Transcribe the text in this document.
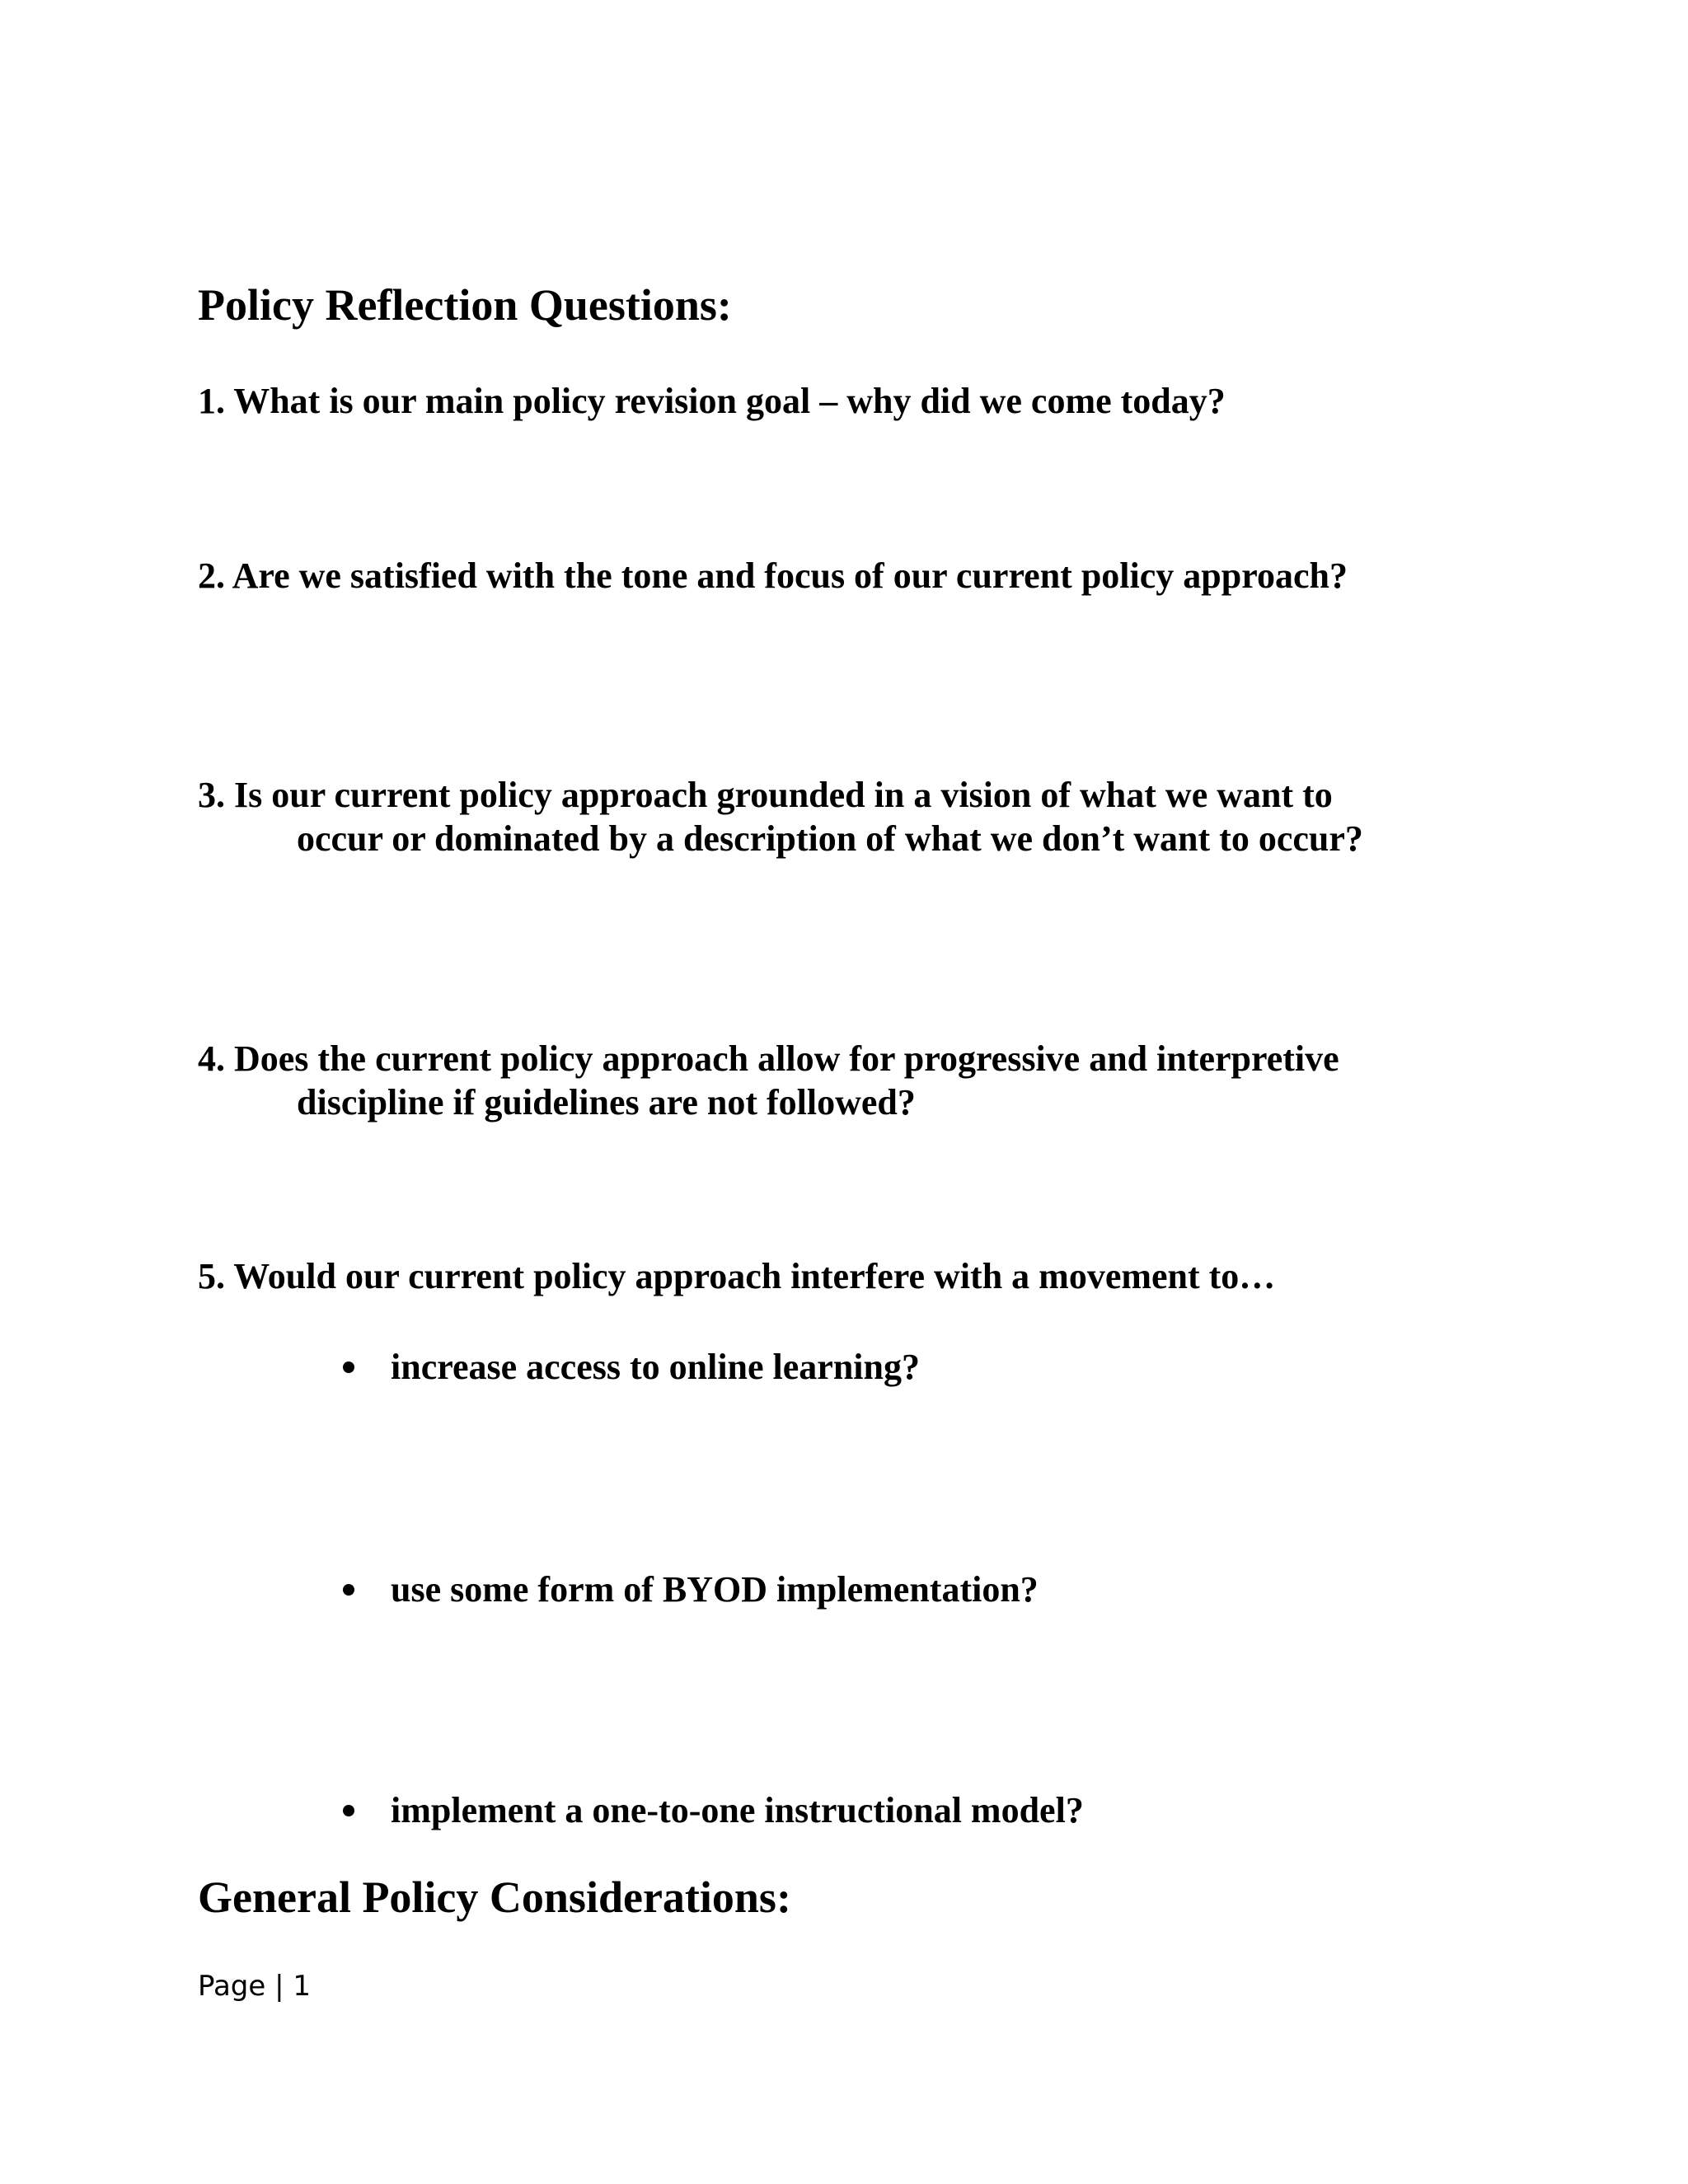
Policy Reflection Questions:
1. What is our main policy revision goal – why did we come today?
2. Are we satisfied with the tone and focus of our current policy approach?
3. Is our current policy approach grounded in a vision of what we want to
occur or dominated by a description of what we don’t want to occur?
4. Does the current policy approach allow for progressive and interpretive
discipline if guidelines are not followed?
5. Would our current policy approach interfere with a movement to…
increase access to online learning?
use some form of BYOD implementation?
implement a one-to-one instructional model?
General Policy Considerations:
Page | 1
